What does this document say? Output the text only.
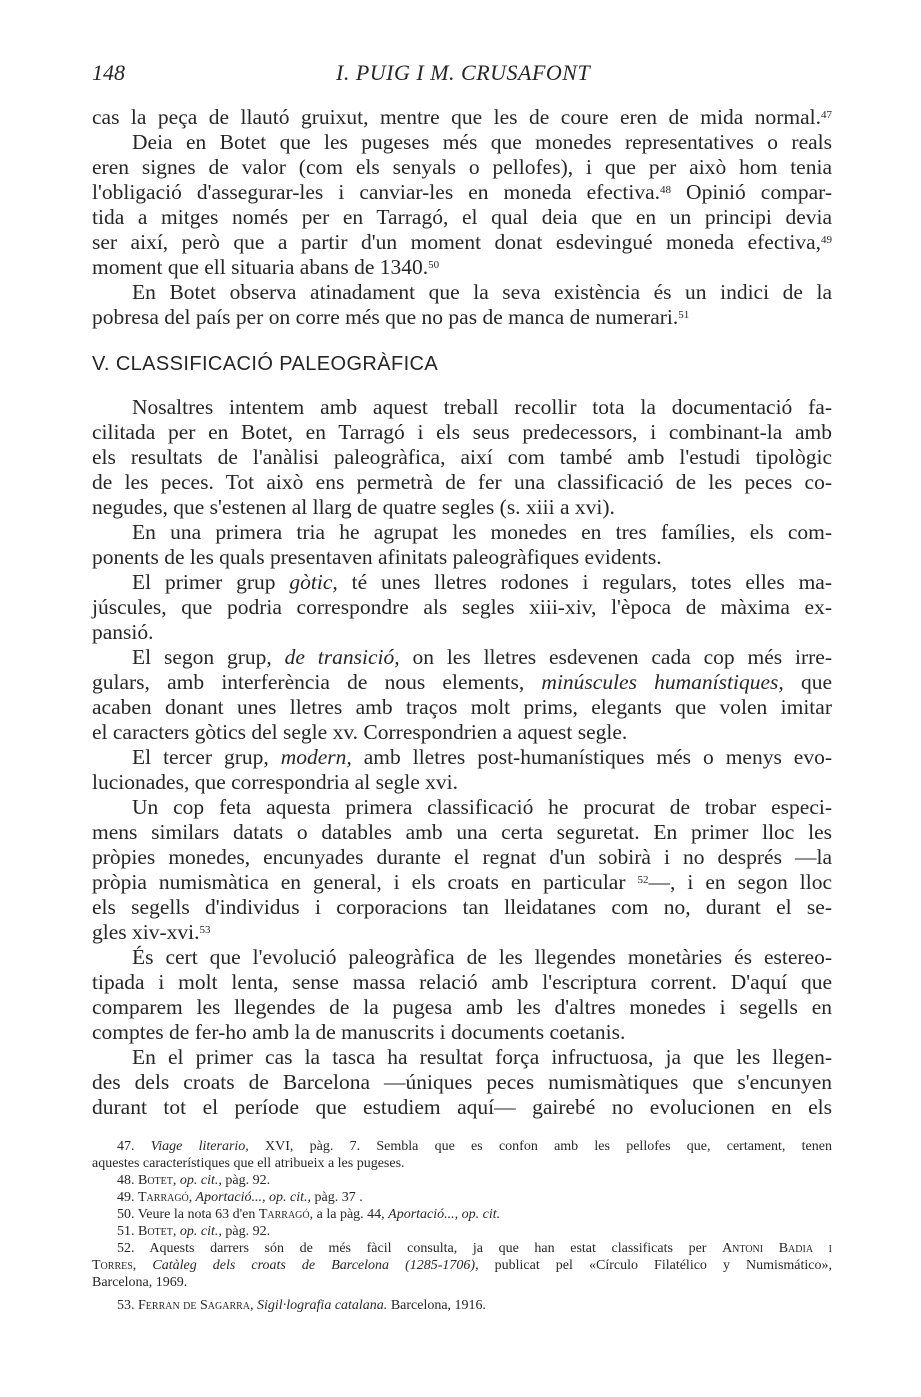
148	I. PUIG I M. CRUSAFONT
cas la peça de llautó gruixut, mentre que les de coure eren de mida normal.$^{47}$
Deia en Botet que les pugeses més que monedes representatives o reals
eren signes de valor (com els senyals o pellofes), i que per això hom tenia
l'obligació d'assegurar-les i canviar-les en moneda efectiva.$^{48}$ Opinió compar-
tida a mitges només per en Tarragó, el qual deia que en un principi devia
ser així, però que a partir d'un moment donat esdevingué moneda efectiva,$^{49}$
moment que ell situaria abans de 1340.50
En Botet observa atinadament que la seva existència és un indici de la
pobresa del país per on corre més que no pas de manca de numerari.$^{51}$
V. CLASSIFICACIÓ PALEOGRÀFICA
Nosaltres intentem amb aquest treball recollir tota la documentació fa-
cilitada per en Botet, en Tarragó i els seus predecessors, i combinant-la amb
els resultats de l'anàlisi paleogràfica, així com també amb l'estudi tipològic
de les peces. Tot això ens permetrà de fer una classificació de les peces co-
negudes, que s'estenen al llarg de quatre segles (s. xiii a xvi).
En una primera tria he agrupat les monedes en tres famílies, els com-
ponents de les quals presentaven afinitats paleogràfiques evidents.
El primer grup gòtic, té unes lletres rodones i regulars, totes elles ma-
júscules, que podria correspondre als segles xiii-xiv, l'època de màxima ex-
pansió.
El segon grup, de transició, on les lletres esdevenen cada cop més irre-
gulars, amb interferència de nous elements, minúscules humanístiques, que
acaben donant unes lletres amb traços molt prims, elegants que volen imitar
el caracters gòtics del segle xv. Correspondrien a aquest segle.
El tercer grup, modern, amb lletres post-humanístiques més o menys evo-
lucionades, que correspondria al segle xvi.
Un cop feta aquesta primera classificació he procurat de trobar especi-
mens similars datats o datables amb una certa seguretat. En primer lloc les
pròpies monedes, encunyades durante el regnat d'un sobirà i no després —la
pròpia numismàtica en general, i els croats en particular $^{52}$—, i en segon lloc
els segells d'individus i corporacions tan lleidatanes com no, durant el se-
gles xiv-xvi.$^{53}$
És cert que l'evolució paleogràfica de les llegendes monetàries és estereo-
tipada i molt lenta, sense massa relació amb l'escriptura corrent. D'aquí que
comparem les llegendes de la pugesa amb les d'altres monedes i segells en
comptes de fer-ho amb la de manuscrits i documents coetanis.
En el primer cas la tasca ha resultat força infructuosa, ja que les llegen-
des dels croats de Barcelona —úniques peces numismàtiques que s'encunyen
durant tot el període que estudiem aquí— gairebé no evolucionen en els
47. Viage literario, XVI, pàg. 7. Sembla que es confon amb les pellofes que, certament, tenen
aquestes característiques que ell atribueix a les pugeses.
48. Botet, op. cit., pàg. 92.
49. Tarragó, Aportació..., op. cit., pàg. 37 .
50. Veure la nota 63 d'en Tarragó, a la pàg. 44, Aportació..., op. cit.
51. Botet, op. cit., pàg. 92.
52. Aquests darrers són de més fàcil consulta, ja que han estat classificats per Antoni Badia i
Torres, Catàleg dels croats de Barcelona (1285-1706), publicat pel «Círculo Filatélico y Numismático»,
Barcelona, 1969.
53. Ferran de Sagarra, Sigil·lografia catalana. Barcelona, 1916.
